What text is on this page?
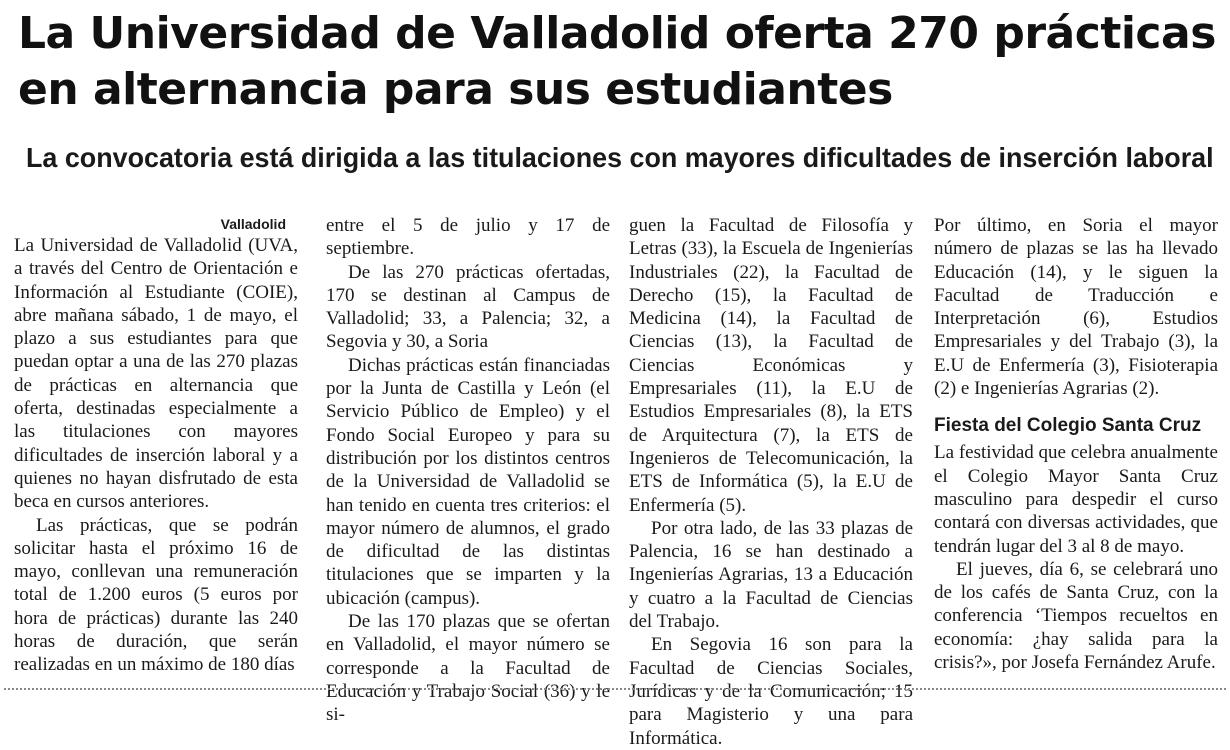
La Universidad de Valladolid oferta 270 prácticas en alternancia para sus estudiantes
La convocatoria está dirigida a las titulaciones con mayores dificultades de inserción laboral
Valladolid

La Universidad de Valladolid (UVA, a través del Centro de Orientación e Información al Estudiante (COIE), abre mañana sábado, 1 de mayo, el plazo a sus estudiantes para que puedan optar a una de las 270 plazas de prácticas en alternancia que oferta, destinadas especialmente a las titulaciones con mayores dificultades de inserción laboral y a quienes no hayan disfrutado de esta beca en cursos anteriores.

Las prácticas, que se podrán solicitar hasta el próximo 16 de mayo, conllevan una remuneración total de 1.200 euros (5 euros por hora de prácticas) durante las 240 horas de duración, que serán realizadas en un máximo de 180 días

entre el 5 de julio y 17 de septiembre.

De las 270 prácticas ofertadas, 170 se destinan al Campus de Valladolid; 33, a Palencia; 32, a Segovia y 30, a Soria

Dichas prácticas están financiadas por la Junta de Castilla y León (el Servicio Público de Empleo) y el Fondo Social Europeo y para su distribución por los distintos centros de la Universidad de Valladolid se han tenido en cuenta tres criterios: el mayor número de alumnos, el grado de dificultad de las distintas titulaciones que se imparten y la ubicación (campus).

De las 170 plazas que se ofertan en Valladolid, el mayor número se corresponde a la Facultad de Educación y Trabajo Social (36) y le si-

guen la Facultad de Filosofía y Letras (33), la Escuela de Ingenierías Industriales (22), la Facultad de Derecho (15), la Facultad de Medicina (14), la Facultad de Ciencias (13), la Facultad de Ciencias Económicas y Empresariales (11), la E.U de Estudios Empresariales (8), la ETS de Arquitectura (7), la ETS de Ingenieros de Telecomunicación, la ETS de Informática (5), la E.U de Enfermería (5).

Por otra lado, de las 33 plazas de Palencia, 16 se han destinado a Ingenierías Agrarias, 13 a Educación y cuatro a la Facultad de Ciencias del Trabajo.

En Segovia 16 son para la Facultad de Ciencias Sociales, Jurídicas y de la Comunicación; 15 para Magisterio y una para Informática.

Por último, en Soria el mayor número de plazas se las ha llevado Educación (14), y le siguen la Facultad de Traducción e Interpretación (6), Estudios Empresariales y del Trabajo (3), la E.U de Enfermería (3), Fisioterapia (2) e Ingenierías Agrarias (2).

Fiesta del Colegio Santa Cruz

La festividad que celebra anualmente el Colegio Mayor Santa Cruz masculino para despedir el curso contará con diversas actividades, que tendrán lugar del 3 al 8 de mayo.

El jueves, día 6, se celebrará uno de los cafés de Santa Cruz, con la conferencia ‘Tiempos recueltos en economía: ¿hay salida para la crisis?», por Josefa Fernández Arufe.
